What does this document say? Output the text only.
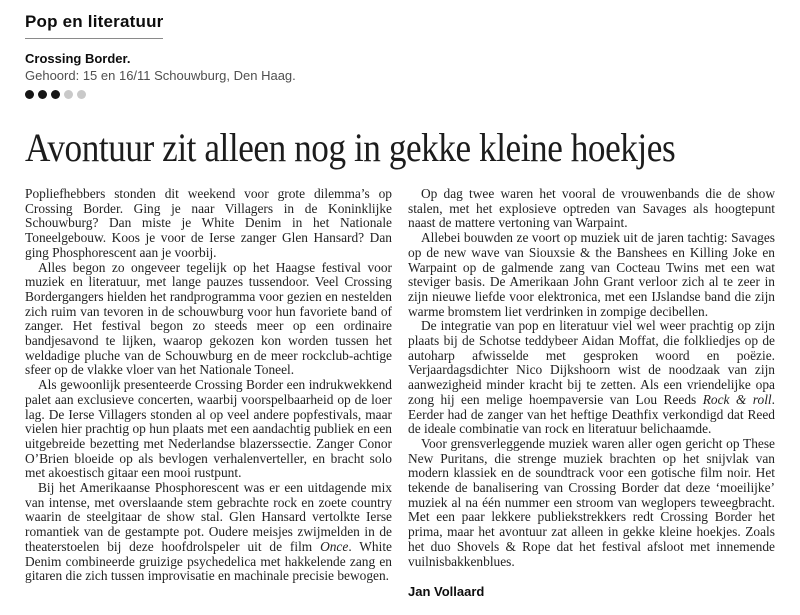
Pop en literatuur
Crossing Border.
Gehoord: 15 en 16/11 Schouwburg, Den Haag.
Avontuur zit alleen nog in gekke kleine hoekjes

Popliefhebbers stonden dit weekend voor grote dilemma’s op Crossing Border. Ging je naar Villagers in de Koninklijke Schouwburg? Dan miste je White Denim in het Nationale Toneelgebouw. Koos je voor de Ierse zanger Glen Hansard? Dan ging Phosphorescent aan je voorbij.

Alles begon zo ongeveer tegelijk op het Haagse festival voor muziek en literatuur, met lange pauzes tussendoor. Veel Crossing Bordergangers hielden het randprogramma voor gezien en nestelden zich ruim van tevoren in de schouwburg voor hun favoriete band of zanger. Het festival begon zo steeds meer op een ordinaire bandjesavond te lijken, waarop gekozen kon worden tussen het weldadige pluche van de Schouwburg en de meer rockclub-achtige sfeer op de vlakke vloer van het Nationale Toneel.

Als gewoonlijk presenteerde Crossing Border een indrukwekkend palet aan exclusieve concerten, waarbij voorspelbaarheid op de loer lag. De Ierse Villagers stonden al op veel andere popfestivals, maar vielen hier prachtig op hun plaats met een aandachtig publiek en een uitgebreide bezetting met Nederlandse blazerssectie. Zanger Conor O’Brien bloeide op als bevlogen verhalenverteller, en bracht solo met akoestisch gitaar een mooi rustpunt.

Bij het Amerikaanse Phosphorescent was er een uitdagende mix van intense, met overslaande stem gebrachte rock en zoete country waarin de steelgitaar de show stal. Glen Hansard vertolkte Ierse romantiek van de gestampte pot. Oudere meisjes zwijmelden in de theaterstoelen bij deze hoofdrolspeler uit de film Once. White Denim combineerde gruizige psychedelica met hakkelende zang en gitaren die zich tussen improvisatie en machinale precisie bewogen.

Op dag twee waren het vooral de vrouwenbands die de show stalen, met het explosieve optreden van Savages als hoogtepunt naast de mattere vertoning van Warpaint.

Allebei bouwden ze voort op muziek uit de jaren tachtig: Savages op de new wave van Siouxsie & the Banshees en Killing Joke en Warpaint op de galmende zang van Cocteau Twins met een wat steviger basis. De Amerikaan John Grant verloor zich al te zeer in zijn nieuwe liefde voor elektronica, met een IJslandse band die zijn warme bromstem liet verdrinken in zompige decibellen.

De integratie van pop en literatuur viel wel weer prachtig op zijn plaats bij de Schotse teddybeer Aidan Moffat, die folkliedjes op de autoharp afwisselde met gesproken woord en poëzie. Verjaardagsdichter Nico Dijkshoorn wist de noodzaak van zijn aanwezigheid minder kracht bij te zetten. Als een vriendelijke opa zong hij een melige hoempaversie van Lou Reeds Rock & roll. Eerder had de zanger van het heftige Deathfix verkondigd dat Reed de ideale combinatie van rock en literatuur belichaamde.

Voor grensverleggende muziek waren aller ogen gericht op These New Puritans, die strenge muziek brachten op het snijvlak van modern klassiek en de soundtrack voor een gotische film noir. Het tekende de banalisering van Crossing Border dat deze ‘moeilijke’ muziek al na één nummer een stroom van weglopers teweegbracht. Met een paar lekkere publiekstrekkers redt Crossing Border het prima, maar het avontuur zat alleen in gekke kleine hoekjes. Zoals het duo Shovels & Rope dat het festival afsloot met innemende vuilnisbakkenblues.

Jan Vollaard
